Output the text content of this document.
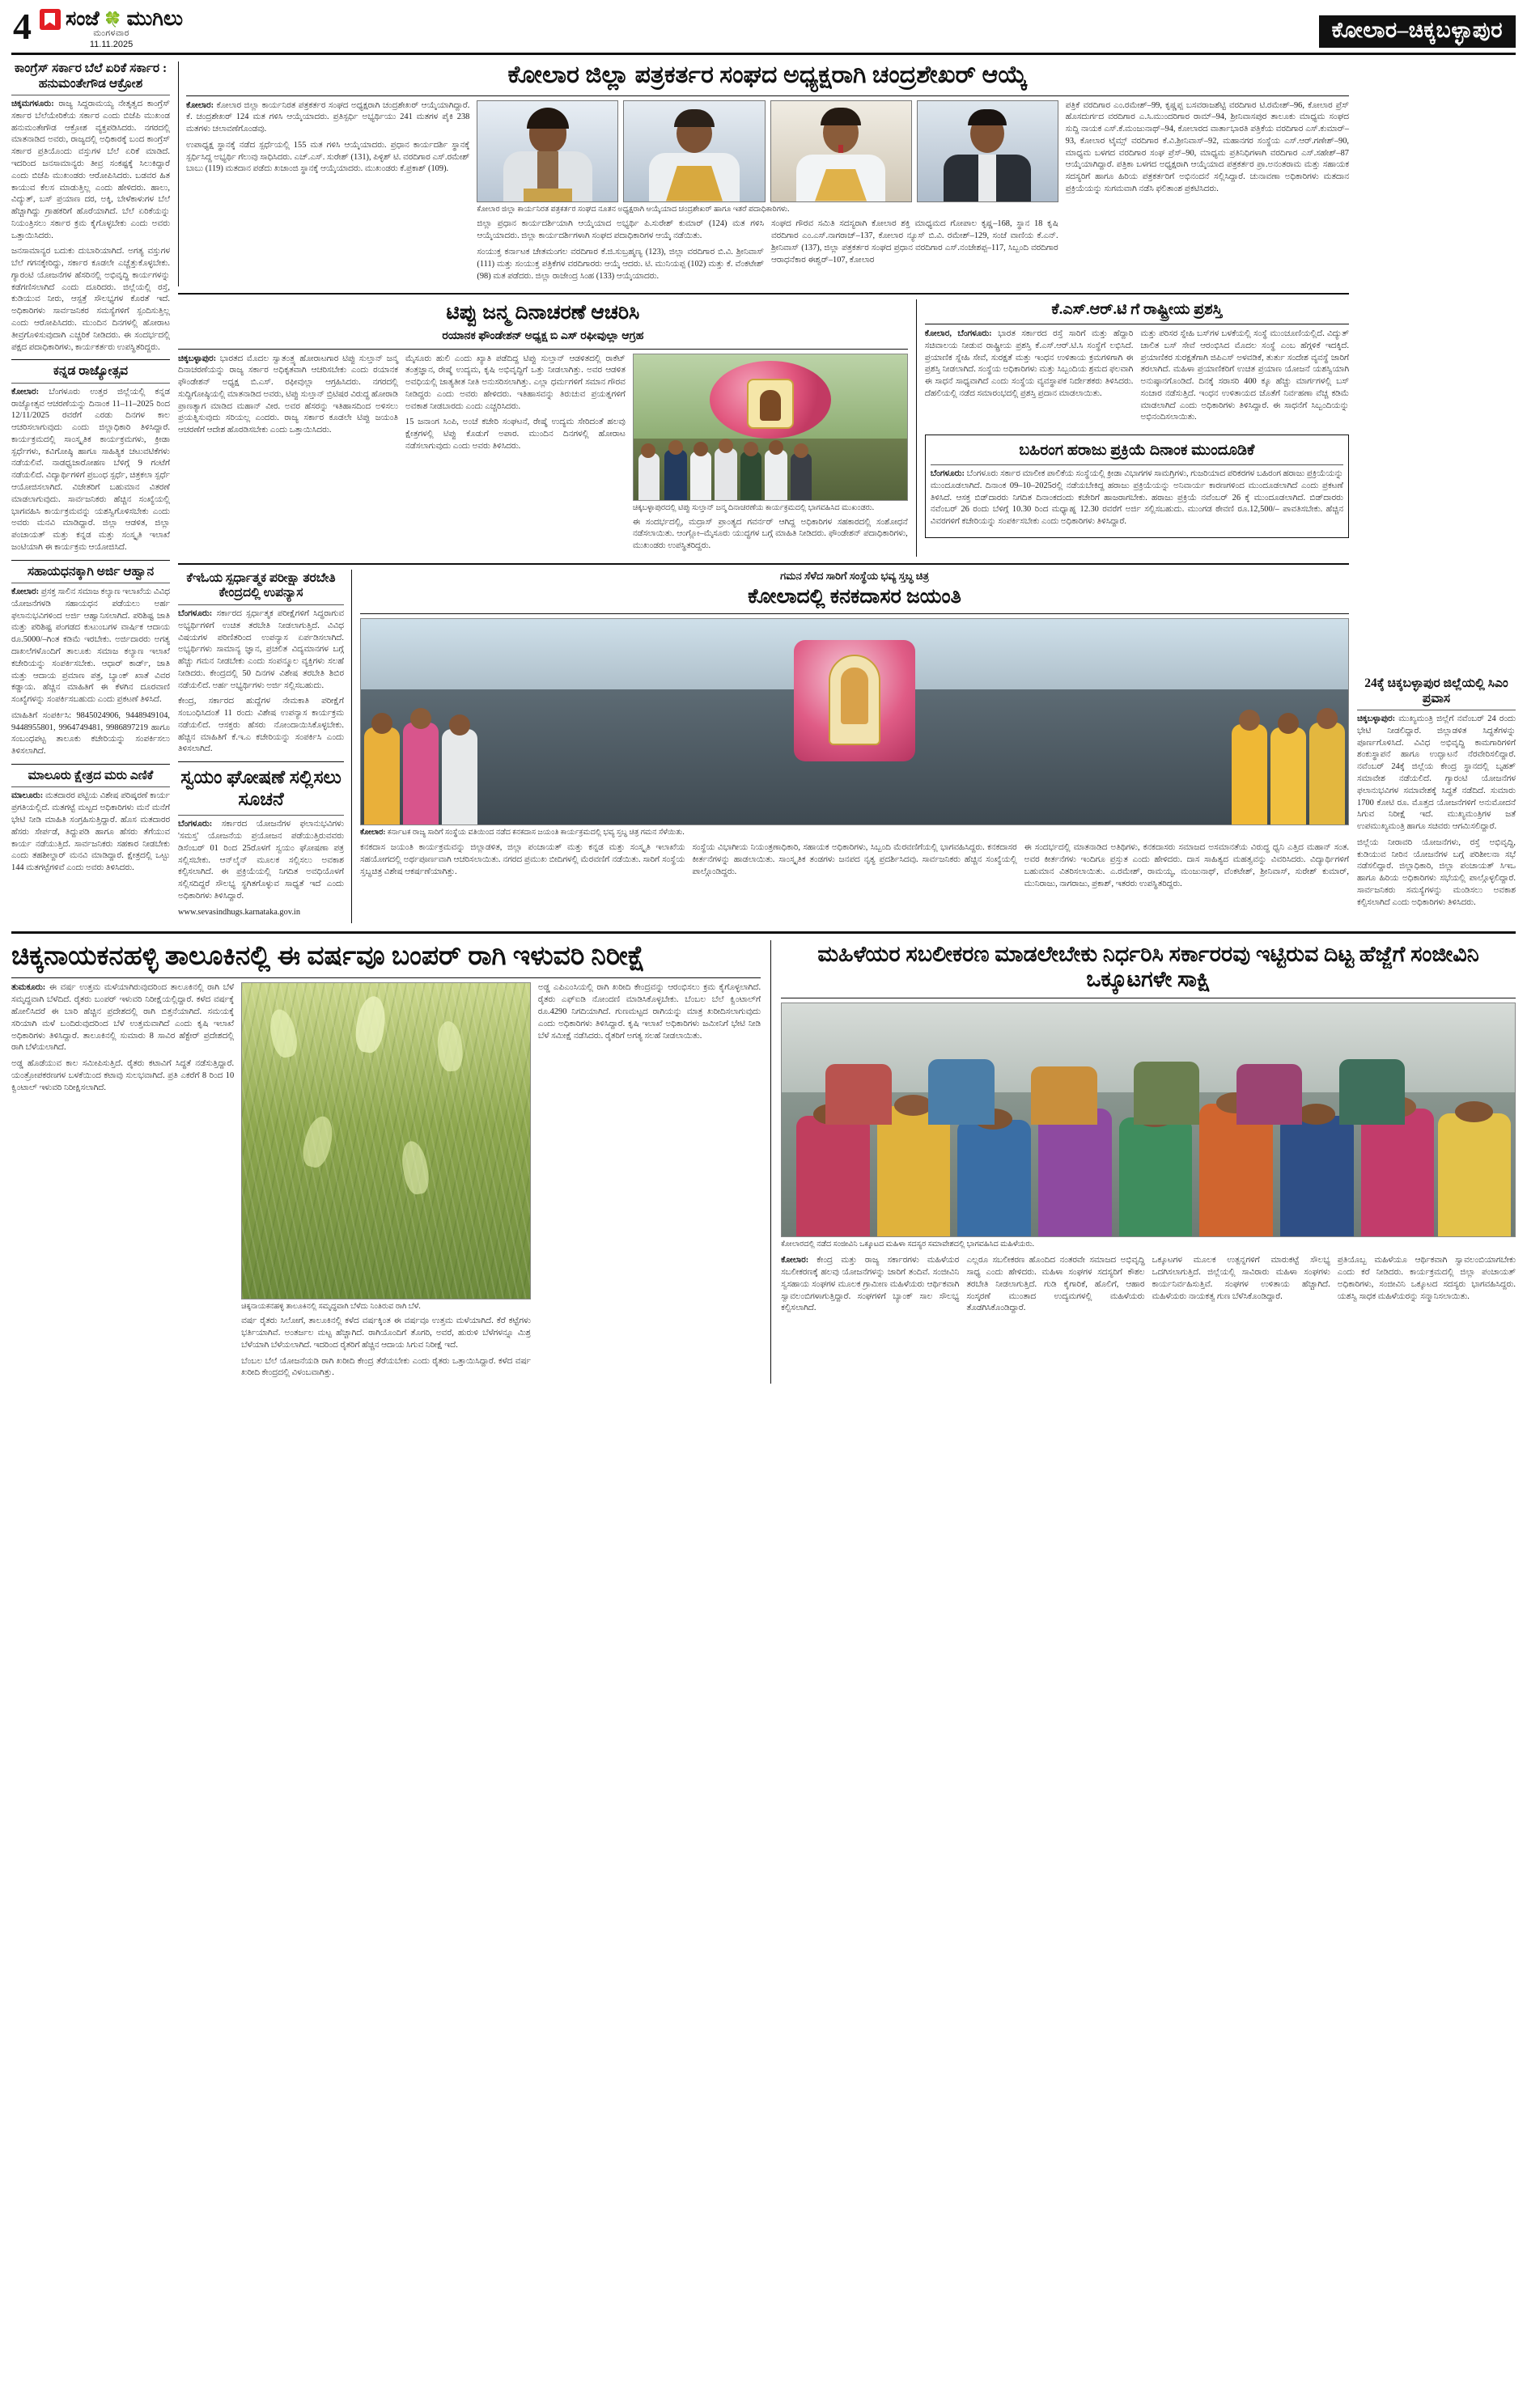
4	ಸಂಜೆ 🍀 ಮುಗಿಲು
ಮಂಗಳವಾರ
11.11.2025
ಕೋಲಾರ–ಚಿಕ್ಕಬಳ್ಳಾಪುರ
ಕಾಂಗ್ರೆಸ್ ಸರ್ಕಾರ ಬೆಲೆ ಏರಿಕೆ ಸರ್ಕಾರ : ಹನುಮಂತೇಗೌಡ ಆಕ್ರೋಶ

ಚಿಕ್ಕಮಗಳೂರು: ರಾಜ್ಯ ಸಿದ್ದರಾಮಯ್ಯ ನೇತೃತ್ವದ ಕಾಂಗ್ರೆಸ್ ಸರ್ಕಾರ ಬೆಲೆಯೇರಿಕೆಯ ಸರ್ಕಾರ ಎಂದು ಬಿಜೆಪಿ ಮುಖಂಡ ಹನುಮಂತೇಗೌಡ ಆಕ್ರೋಶ ವ್ಯಕ್ತಪಡಿಸಿದರು. ನಗರದಲ್ಲಿ ಮಾತನಾಡಿದ ಅವರು, ರಾಜ್ಯದಲ್ಲಿ ಅಧಿಕಾರಕ್ಕೆ ಬಂದ ಕಾಂಗ್ರೆಸ್ ಸರ್ಕಾರ ಪ್ರತಿಯೊಂದು ವಸ್ತುಗಳ ಬೆಲೆ ಏರಿಕೆ ಮಾಡಿದೆ. ಇದರಿಂದ ಜನಸಾಮಾನ್ಯರು ತೀವ್ರ ಸಂಕಷ್ಟಕ್ಕೆ ಸಿಲುಕಿದ್ದಾರೆ ಎಂದು ಬಿಜೆಪಿ ಮುಖಂಡರು ಆರೋಪಿಸಿದರು. ಬಡವರ ಹಿತ ಕಾಯುವ ಕೆಲಸ ಮಾಡುತ್ತಿಲ್ಲ ಎಂದು ಹೇಳಿದರು. ಹಾಲು, ವಿದ್ಯುತ್, ಬಸ್ ಪ್ರಯಾಣ ದರ, ಅಕ್ಕಿ, ಬೇಳೆಕಾಳುಗಳ ಬೆಲೆ ಹೆಚ್ಚಾಗಿದ್ದು ಗ್ರಾಹಕರಿಗೆ ಹೊರೆಯಾಗಿದೆ. ಬೆಲೆ ಏರಿಕೆಯನ್ನು ನಿಯಂತ್ರಿಸಲು ಸರ್ಕಾರ ಕ್ರಮ ಕೈಗೊಳ್ಳಬೇಕು ಎಂದು ಅವರು ಒತ್ತಾಯಿಸಿದರು.

ಜನಸಾಮಾನ್ಯರ ಬದುಕು ದುಬಾರಿಯಾಗಿದೆ. ಅಗತ್ಯ ವಸ್ತುಗಳ ಬೆಲೆ ಗಗನಕ್ಕೇರಿದ್ದು, ಸರ್ಕಾರ ಕೂಡಲೇ ಎಚ್ಚೆತ್ತುಕೊಳ್ಳಬೇಕು. ಗ್ಯಾರಂಟಿ ಯೋಜನೆಗಳ ಹೆಸರಿನಲ್ಲಿ ಅಭಿವೃದ್ಧಿ ಕಾರ್ಯಗಳನ್ನು ಕಡೆಗಣಿಸಲಾಗಿದೆ ಎಂದು ದೂರಿದರು. ಜಿಲ್ಲೆಯಲ್ಲಿ ರಸ್ತೆ, ಕುಡಿಯುವ ನೀರು, ಆಸ್ಪತ್ರೆ ಸೌಲಭ್ಯಗಳ ಕೊರತೆ ಇದೆ. ಅಧಿಕಾರಿಗಳು ಸಾರ್ವಜನಿಕರ ಸಮಸ್ಯೆಗಳಿಗೆ ಸ್ಪಂದಿಸುತ್ತಿಲ್ಲ ಎಂದು ಆರೋಪಿಸಿದರು. ಮುಂದಿನ ದಿನಗಳಲ್ಲಿ ಹೋರಾಟ ತೀವ್ರಗೊಳಿಸುವುದಾಗಿ ಎಚ್ಚರಿಕೆ ನೀಡಿದರು. ಈ ಸಂದರ್ಭದಲ್ಲಿ ಪಕ್ಷದ ಪದಾಧಿಕಾರಿಗಳು, ಕಾರ್ಯಕರ್ತರು ಉಪಸ್ಥಿತರಿದ್ದರು.

ಕನ್ನಡ ರಾಜ್ಯೋತ್ಸವ

ಕೋಲಾರ: ಬೆಂಗಳೂರು ಉತ್ತರ ಜಿಲ್ಲೆಯಲ್ಲಿ ಕನ್ನಡ ರಾಜ್ಯೋತ್ಸವ ಆಚರಣೆಯನ್ನು ದಿನಾಂಕ 11–11–2025 ರಿಂದ 12/11/2025 ರವರೆಗೆ ಎರಡು ದಿನಗಳ ಕಾಲ ಆಚರಿಸಲಾಗುವುದು ಎಂದು ಜಿಲ್ಲಾಧಿಕಾರಿ ತಿಳಿಸಿದ್ದಾರೆ. ಕಾರ್ಯಕ್ರಮದಲ್ಲಿ ಸಾಂಸ್ಕೃತಿಕ ಕಾರ್ಯಕ್ರಮಗಳು, ಕ್ರೀಡಾ ಸ್ಪರ್ಧೆಗಳು, ಕವಿಗೋಷ್ಠಿ ಹಾಗೂ ಸಾಹಿತ್ಯಿಕ ಚಟುವಟಿಕೆಗಳು ನಡೆಯಲಿವೆ. ನಾಡಧ್ವಜಾರೋಹಣ ಬೆಳಿಗ್ಗೆ 9 ಗಂಟೆಗೆ ನಡೆಯಲಿದೆ. ವಿದ್ಯಾರ್ಥಿಗಳಿಗೆ ಪ್ರಬಂಧ ಸ್ಪರ್ಧೆ, ಚಿತ್ರಕಲಾ ಸ್ಪರ್ಧೆ ಆಯೋಜಿಸಲಾಗಿದೆ. ವಿಜೇತರಿಗೆ ಬಹುಮಾನ ವಿತರಣೆ ಮಾಡಲಾಗುವುದು. ಸಾರ್ವಜನಿಕರು ಹೆಚ್ಚಿನ ಸಂಖ್ಯೆಯಲ್ಲಿ ಭಾಗವಹಿಸಿ ಕಾರ್ಯಕ್ರಮವನ್ನು ಯಶಸ್ವಿಗೊಳಿಸಬೇಕು ಎಂದು ಅವರು ಮನವಿ ಮಾಡಿದ್ದಾರೆ. ಜಿಲ್ಲಾ ಆಡಳಿತ, ಜಿಲ್ಲಾ ಪಂಚಾಯತ್ ಮತ್ತು ಕನ್ನಡ ಮತ್ತು ಸಂಸ್ಕೃತಿ ಇಲಾಖೆ ಜಂಟಿಯಾಗಿ ಈ ಕಾರ್ಯಕ್ರಮ ಆಯೋಜಿಸಿದೆ.

ಸಹಾಯಧನಕ್ಕಾಗಿ ಅರ್ಜಿ ಆಹ್ವಾನ

ಕೋಲಾರ: ಪ್ರಸಕ್ತ ಸಾಲಿನ ಸಮಾಜ ಕಲ್ಯಾಣ ಇಲಾಖೆಯ ವಿವಿಧ ಯೋಜನೆಗಳಡಿ ಸಹಾಯಧನ ಪಡೆಯಲು ಅರ್ಹ ಫಲಾನುಭವಿಗಳಿಂದ ಅರ್ಜಿ ಆಹ್ವಾನಿಸಲಾಗಿದೆ. ಪರಿಶಿಷ್ಟ ಜಾತಿ ಮತ್ತು ಪರಿಶಿಷ್ಟ ಪಂಗಡದ ಕುಟುಂಬಗಳ ವಾರ್ಷಿಕ ಆದಾಯ ರೂ.5000/–ಗಿಂತ ಕಡಿಮೆ ಇರಬೇಕು. ಅರ್ಜಿದಾರರು ಅಗತ್ಯ ದಾಖಲೆಗಳೊಂದಿಗೆ ತಾಲೂಕು ಸಮಾಜ ಕಲ್ಯಾಣ ಇಲಾಖೆ ಕಚೇರಿಯನ್ನು ಸಂಪರ್ಕಿಸಬೇಕು. ಆಧಾರ್ ಕಾರ್ಡ್, ಜಾತಿ ಮತ್ತು ಆದಾಯ ಪ್ರಮಾಣ ಪತ್ರ, ಬ್ಯಾಂಕ್ ಖಾತೆ ವಿವರ ಕಡ್ಡಾಯ. ಹೆಚ್ಚಿನ ಮಾಹಿತಿಗೆ ಈ ಕೆಳಗಿನ ದೂರವಾಣಿ ಸಂಖ್ಯೆಗಳನ್ನು ಸಂಪರ್ಕಿಸಬಹುದು ಎಂದು ಪ್ರಕಟಣೆ ತಿಳಿಸಿದೆ.

ಮಾಹಿತಿಗೆ ಸಂಪರ್ಕಿಸಿ: 9845024906, 9448949104, 9448955801, 9964749481, 9986897219 ಹಾಗೂ ಸಂಬಂಧಪಟ್ಟ ತಾಲೂಕು ಕಚೇರಿಯನ್ನು ಸಂಪರ್ಕಿಸಲು ತಿಳಿಸಲಾಗಿದೆ.

ಮಾಲೂರು ಕ್ಷೇತ್ರದ ಮರು ಎಣಿಕೆ

ಮಾಲೂರು: ಮತದಾರರ ಪಟ್ಟಿಯ ವಿಶೇಷ ಪರಿಷ್ಕರಣೆ ಕಾರ್ಯ ಪ್ರಗತಿಯಲ್ಲಿದೆ. ಮತಗಟ್ಟೆ ಮಟ್ಟದ ಅಧಿಕಾರಿಗಳು ಮನೆ ಮನೆಗೆ ಭೇಟಿ ನೀಡಿ ಮಾಹಿತಿ ಸಂಗ್ರಹಿಸುತ್ತಿದ್ದಾರೆ. ಹೊಸ ಮತದಾರರ ಹೆಸರು ಸೇರ್ಪಡೆ, ತಿದ್ದುಪಡಿ ಹಾಗೂ ಹೆಸರು ತೆಗೆಯುವ ಕಾರ್ಯ ನಡೆಯುತ್ತಿದೆ. ಸಾರ್ವಜನಿಕರು ಸಹಕಾರ ನೀಡಬೇಕು ಎಂದು ತಹಶೀಲ್ದಾರ್ ಮನವಿ ಮಾಡಿದ್ದಾರೆ. ಕ್ಷೇತ್ರದಲ್ಲಿ ಒಟ್ಟು 144 ಮತಗಟ್ಟೆಗಳಿವೆ ಎಂದು ಅವರು ತಿಳಿಸಿದರು.

ಕೋಲಾರ ಜಿಲ್ಲಾ ಪತ್ರಕರ್ತರ ಸಂಘದ ಅಧ್ಯಕ್ಷರಾಗಿ ಚಂದ್ರಶೇಖರ್ ಆಯ್ಕೆ

ಕೋಲಾರ: ಕೋಲಾರ ಜಿಲ್ಲಾ ಕಾರ್ಯನಿರತ ಪತ್ರಕರ್ತರ ಸಂಘದ ಅಧ್ಯಕ್ಷರಾಗಿ ಚಂದ್ರಶೇಖರ್ ಆಯ್ಕೆಯಾಗಿದ್ದಾರೆ. ಕೆ. ಚಂದ್ರಶೇಖರ್ 124 ಮತ ಗಳಿಸಿ ಆಯ್ಕೆಯಾದರು. ಪ್ರತಿಸ್ಪರ್ಧಿ ಅಭ್ಯರ್ಥಿಯು 241 ಮತಗಳ ಪೈಕಿ 238 ಮತಗಳು ಚಲಾವಣೆಗೊಂಡವು.

ಉಪಾಧ್ಯಕ್ಷ ಸ್ಥಾನಕ್ಕೆ ನಡೆದ ಸ್ಪರ್ಧೆಯಲ್ಲಿ 155 ಮತ ಗಳಿಸಿ ಆಯ್ಕೆಯಾದರು. ಪ್ರಧಾನ ಕಾರ್ಯದರ್ಶಿ ಸ್ಥಾನಕ್ಕೆ ಸ್ಪರ್ಧಿಸಿದ್ದ ಅಭ್ಯರ್ಥಿ ಗೆಲುವು ಸಾಧಿಸಿದರು. ಎಚ್.ಎಸ್. ಸುರೇಶ್ (131), ಪಿಳ್ಳಿಶ್ ಟಿ. ವರದಿಗಾರ ಎಸ್.ರಮೇಶ್ ಬಾಬು (119) ಮತದಾನ ಪಡೆದು ಖಜಾಂಜಿ ಸ್ಥಾನಕ್ಕೆ ಆಯ್ಕೆಯಾದರು. ಮುಖಂಡರು ಕೆ.ಪ್ರಕಾಶ್ (109).

ಕೋಲಾರ ಜಿಲ್ಲಾ ಕಾರ್ಯನಿರತ ಪತ್ರಕರ್ತರ ಸಂಘದ ನೂತನ ಅಧ್ಯಕ್ಷರಾಗಿ ಆಯ್ಕೆಯಾದ ಚಂದ್ರಶೇಖರ್ ಹಾಗೂ ಇತರೆ ಪದಾಧಿಕಾರಿಗಳು.

ಜಿಲ್ಲಾ ಪ್ರಧಾನ ಕಾರ್ಯದರ್ಶಿಯಾಗಿ ಆಯ್ಕೆಯಾದ ಅಭ್ಯರ್ಥಿ ಪಿ.ಸುರೇಶ್ ಕುಮಾರ್ (124) ಮತ ಗಳಿಸಿ ಆಯ್ಕೆಯಾದರು. ಜಿಲ್ಲಾ ಕಾರ್ಯದರ್ಶಿಗಳಾಗಿ ಸಂಘದ ಪದಾಧಿಕಾರಿಗಳ ಆಯ್ಕೆ ನಡೆಯಿತು.

ಸಂಯುಕ್ತ ಕರ್ನಾಟಕ ಚೇತಮಂಗಲ ವರದಿಗಾರ ಕೆ.ಜಿ.ಸುಬ್ರಹ್ಮಣ್ಯ (123), ಜಿಲ್ಲಾ ವರದಿಗಾರ ಬಿ.ವಿ. ಶ್ರೀನಿವಾಸ್ (111) ಮತ್ತು ಸಂಯುಕ್ತ ಪತ್ರಿಕೆಗಳ ವರದಿಗಾರರು ಆಯ್ಕೆ ಆದರು. ಟಿ. ಮುನಿಯಪ್ಪ (102) ಮತ್ತು ಕೆ. ವೆಂಕಟೇಶ್ (98) ಮತ ಪಡೆದರು. ಜಿಲ್ಲಾ ರಾಜೇಂದ್ರ ಸಿಂಹ (133) ಆಯ್ಕೆಯಾದರು.

ಸಂಘದ ಗೌರವ ಸಮಿತಿ ಸದಸ್ಯರಾಗಿ ಕೋಲಾರ ಶಕ್ತಿ ಮಾಧ್ಯಮದ ಗೋಪಾಲ ಕೃಷ್ಣ–168, ಸ್ಥಾನ 18 ಕೃಷಿ ವರದಿಗಾರ ಎಂ.ಎಸ್.ನಾಗರಾಜ್–137, ಕೋಲಾರ ನ್ಯೂಸ್ ಬಿ.ವಿ. ರಮೇಶ್–129, ಸಂಜೆ ವಾಣಿಯ ಕೆ.ಎನ್. ಶ್ರೀನಿವಾಸ್ (137), ಜಿಲ್ಲಾ ಪತ್ರಕರ್ತರ ಸಂಘದ ಪ್ರಧಾನ ವರದಿಗಾರ ಎಸ್.ನಂಜೇಶಪ್ಪ–117, ಸಿಬ್ಬಂದಿ ವರದಿಗಾರ ಆರಾಧನೆಕಾರ ಈಶ್ವರ್–107, ಕೋಲಾರ

ಪತ್ರಿಕೆ ವರದಿಗಾರ ಎಂ.ರಮೇಶ್–99, ಕೃಷ್ಣಪ್ಪ ಬಸವರಾಜಶೆಟ್ಟಿ ವರದಿಗಾರ ಟಿ.ರಮೇಶ್–96, ಕೋಲಾರ ಪ್ರೆಸ್ ಹೊಸದುರ್ಗದ ವರದಿಗಾರ ಎ.ಸಿ.ಮುಂದರಿಗಾರ ರಾಮ್–94, ಶ್ರೀನಿವಾಸಪುರ ತಾಲೂಕು ಮಾಧ್ಯಮ ಸಂಘದ ಸುದ್ದಿ ನಾಯಕ ಎಸ್.ಕೆ.ಮಂಜುನಾಥ್–94, ಕೋಲಾರದ ವಾರ್ತಾಭಾರತಿ ಪತ್ರಿಕೆಯ ವರದಿಗಾರ ಎಸ್.ಕುಮಾರ್–93, ಕೋಲಾರ ಟೈಮ್ಸ್ ವರದಿಗಾರ ಕೆ.ವಿ.ಶ್ರೀನಿವಾಸ್–92, ಮಹಾನಗರ ಸಂಸ್ಥೆಯ ಎಸ್.ಆರ್.ಗಣೇಶ್–90, ಮಾಧ್ಯಮ ಬಳಗದ ವರದಿಗಾರ ಸಂಘ ಪ್ರೆಸ್–90, ಮಾಧ್ಯಮ ಪ್ರತಿನಿಧಿಗಳಾಗಿ ವರದಿಗಾರ ಎಸ್.ಸಹೇಶ್–87 ಆಯ್ಕೆಯಾಗಿದ್ದಾರೆ. ಪತ್ರಿಕಾ ಬಳಗದ ಅಧ್ಯಕ್ಷರಾಗಿ ಆಯ್ಕೆಯಾದ ಪತ್ರಕರ್ತರ ಪ್ರಾ.ಅನಂತರಾಮ ಮತ್ತು ಸಹಾಯಕ ಸದಸ್ಯರಿಗೆ ಹಾಗೂ ಹಿರಿಯ ಪತ್ರಕರ್ತರಿಗೆ ಅಭಿನಂದನೆ ಸಲ್ಲಿಸಿದ್ದಾರೆ. ಚುನಾವಣಾ ಅಧಿಕಾರಿಗಳು ಮತದಾನ ಪ್ರಕ್ರಿಯೆಯನ್ನು ಸುಗಮವಾಗಿ ನಡೆಸಿ ಫಲಿತಾಂಶ ಪ್ರಕಟಿಸಿದರು.

ಟಿಪ್ಪು ಜನ್ಮ ದಿನಾಚರಣೆ ಆಚರಿಸಿ
ರಯಾನಕ ಫೌಂಡೇಶನ್ ಅಧ್ಯಕ್ಷ ಬಿ ಎಸ್ ರಫೀವುಲ್ಲಾ ಆಗ್ರಹ

ಚಿಕ್ಕಬಳ್ಳಾಪುರ: ಭಾರತದ ಮೊದಲ ಸ್ವಾತಂತ್ರ್ಯ ಹೋರಾಟಗಾರ ಟಿಪ್ಪು ಸುಲ್ತಾನ್ ಜನ್ಮ ದಿನಾಚರಣೆಯನ್ನು ರಾಜ್ಯ ಸರ್ಕಾರ ಅಧಿಕೃತವಾಗಿ ಆಚರಿಸಬೇಕು ಎಂದು ರಯಾನಕ ಫೌಂಡೇಶನ್ ಅಧ್ಯಕ್ಷ ಬಿ.ಎಸ್. ರಫೀವುಲ್ಲಾ ಆಗ್ರಹಿಸಿದರು. ನಗರದಲ್ಲಿ ಸುದ್ದಿಗೋಷ್ಠಿಯಲ್ಲಿ ಮಾತನಾಡಿದ ಅವರು, ಟಿಪ್ಪು ಸುಲ್ತಾನ್ ಬ್ರಿಟಿಷರ ವಿರುದ್ಧ ಹೋರಾಡಿ ಪ್ರಾಣತ್ಯಾಗ ಮಾಡಿದ ಮಹಾನ್ ವೀರ. ಅವರ ಹೆಸರನ್ನು ಇತಿಹಾಸದಿಂದ ಅಳಿಸಲು ಪ್ರಯತ್ನಿಸುವುದು ಸರಿಯಲ್ಲ ಎಂದರು. ರಾಜ್ಯ ಸರ್ಕಾರ ಕೂಡಲೇ ಟಿಪ್ಪು ಜಯಂತಿ ಆಚರಣೆಗೆ ಆದೇಶ ಹೊರಡಿಸಬೇಕು ಎಂದು ಒತ್ತಾಯಿಸಿದರು.

ಮೈಸೂರು ಹುಲಿ ಎಂದು ಖ್ಯಾತಿ ಪಡೆದಿದ್ದ ಟಿಪ್ಪು ಸುಲ್ತಾನ್ ಆಡಳಿತದಲ್ಲಿ ರಾಕೆಟ್ ತಂತ್ರಜ್ಞಾನ, ರೇಷ್ಮೆ ಉದ್ಯಮ, ಕೃಷಿ ಅಭಿವೃದ್ಧಿಗೆ ಒತ್ತು ನೀಡಲಾಗಿತ್ತು. ಅವರ ಆಡಳಿತ ಅವಧಿಯಲ್ಲಿ ಜಾತ್ಯತೀತ ನೀತಿ ಅನುಸರಿಸಲಾಗಿತ್ತು. ಎಲ್ಲಾ ಧರ್ಮಗಳಿಗೆ ಸಮಾನ ಗೌರವ ನೀಡಿದ್ದರು ಎಂದು ಅವರು ಹೇಳಿದರು. ಇತಿಹಾಸವನ್ನು ತಿರುಚುವ ಪ್ರಯತ್ನಗಳಿಗೆ ಅವಕಾಶ ನೀಡಬಾರದು ಎಂದು ಎಚ್ಚರಿಸಿದರು.

15 ಜನಾಂಗ ಸಿಂಪಿ, ಅಂಚೆ ಕಚೇರಿ ಸಂಘಟನೆ, ರೇಷ್ಮೆ ಉದ್ಯಮ ಸೇರಿದಂತೆ ಹಲವು ಕ್ಷೇತ್ರಗಳಲ್ಲಿ ಟಿಪ್ಪು ಕೊಡುಗೆ ಅಪಾರ. ಮುಂದಿನ ದಿನಗಳಲ್ಲಿ ಹೋರಾಟ ನಡೆಸಲಾಗುವುದು ಎಂದು ಅವರು ತಿಳಿಸಿದರು.

ಚಿಕ್ಕಬಳ್ಳಾಪುರದಲ್ಲಿ ಟಿಪ್ಪು ಸುಲ್ತಾನ್ ಜನ್ಮ ದಿನಾಚರಣೆಯ ಕಾರ್ಯಕ್ರಮದಲ್ಲಿ ಭಾಗವಹಿಸಿದ ಮುಖಂಡರು.

ಈ ಸಂದರ್ಭದಲ್ಲಿ, ಮದ್ರಾಸ್ ಪ್ರಾಂತ್ಯದ ಗವರ್ನರ್ ಆಗಿದ್ದ ಅಧಿಕಾರಿಗಳ ಸಹಕಾರದಲ್ಲಿ ಸಂಶೋಧನೆ ನಡೆಸಲಾಯಿತು. ಆಂಗ್ಲೋ–ಮೈಸೂರು ಯುದ್ಧಗಳ ಬಗ್ಗೆ ಮಾಹಿತಿ ನೀಡಿದರು. ಫೌಂಡೇಶನ್ ಪದಾಧಿಕಾರಿಗಳು, ಮುಖಂಡರು ಉಪಸ್ಥಿತರಿದ್ದರು.

ಕೆ.ಎಸ್.ಆರ್.ಟಿ ಗೆ ರಾಷ್ಟ್ರೀಯ ಪ್ರಶಸ್ತಿ

ಕೋಲಾರ, ಬೆಂಗಳೂರು: ಭಾರತ ಸರ್ಕಾರದ ರಸ್ತೆ ಸಾರಿಗೆ ಮತ್ತು ಹೆದ್ದಾರಿ ಸಚಿವಾಲಯ ನೀಡುವ ರಾಷ್ಟ್ರೀಯ ಪ್ರಶಸ್ತಿ ಕೆ.ಎಸ್.ಆರ್.ಟಿ.ಸಿ ಸಂಸ್ಥೆಗೆ ಲಭಿಸಿದೆ. ಪ್ರಯಾಣಿಕ ಸ್ನೇಹಿ ಸೇವೆ, ಸುರಕ್ಷತೆ ಮತ್ತು ಇಂಧನ ಉಳಿತಾಯ ಕ್ರಮಗಳಿಗಾಗಿ ಈ ಪ್ರಶಸ್ತಿ ನೀಡಲಾಗಿದೆ. ಸಂಸ್ಥೆಯ ಅಧಿಕಾರಿಗಳು ಮತ್ತು ಸಿಬ್ಬಂದಿಯ ಶ್ರಮದ ಫಲವಾಗಿ ಈ ಸಾಧನೆ ಸಾಧ್ಯವಾಗಿದೆ ಎಂದು ಸಂಸ್ಥೆಯ ವ್ಯವಸ್ಥಾಪಕ ನಿರ್ದೇಶಕರು ತಿಳಿಸಿದರು. ದೆಹಲಿಯಲ್ಲಿ ನಡೆದ ಸಮಾರಂಭದಲ್ಲಿ ಪ್ರಶಸ್ತಿ ಪ್ರದಾನ ಮಾಡಲಾಯಿತು.

ಮತ್ತು ಪರಿಸರ ಸ್ನೇಹಿ ಬಸ್‌ಗಳ ಬಳಕೆಯಲ್ಲಿ ಸಂಸ್ಥೆ ಮುಂಚೂಣಿಯಲ್ಲಿದೆ. ವಿದ್ಯುತ್ ಚಾಲಿತ ಬಸ್ ಸೇವೆ ಆರಂಭಿಸಿದ ಮೊದಲ ಸಂಸ್ಥೆ ಎಂಬ ಹೆಗ್ಗಳಿಕೆ ಇದಕ್ಕಿದೆ. ಪ್ರಯಾಣಿಕರ ಸುರಕ್ಷತೆಗಾಗಿ ಜಿಪಿಎಸ್ ಅಳವಡಿಕೆ, ತುರ್ತು ಸಂದೇಶ ವ್ಯವಸ್ಥೆ ಜಾರಿಗೆ ತರಲಾಗಿದೆ. ಮಹಿಳಾ ಪ್ರಯಾಣಿಕರಿಗೆ ಉಚಿತ ಪ್ರಯಾಣ ಯೋಜನೆ ಯಶಸ್ವಿಯಾಗಿ ಅನುಷ್ಠಾನಗೊಂಡಿದೆ. ದಿನಕ್ಕೆ ಸರಾಸರಿ 400 ಕ್ಕೂ ಹೆಚ್ಚು ಮಾರ್ಗಗಳಲ್ಲಿ ಬಸ್ ಸಂಚಾರ ನಡೆಸುತ್ತಿದೆ. ಇಂಧನ ಉಳಿತಾಯದ ಜೊತೆಗೆ ನಿರ್ವಹಣಾ ವೆಚ್ಚ ಕಡಿಮೆ ಮಾಡಲಾಗಿದೆ ಎಂದು ಅಧಿಕಾರಿಗಳು ತಿಳಿಸಿದ್ದಾರೆ. ಈ ಸಾಧನೆಗೆ ಸಿಬ್ಬಂದಿಯನ್ನು ಅಭಿನಂದಿಸಲಾಯಿತು.

ಬಹಿರಂಗ ಹರಾಜು ಪ್ರಕ್ರಿಯೆ ದಿನಾಂಕ ಮುಂದೂಡಿಕೆ

ಬೆಂಗಳೂರು: ಬೆಂಗಳೂರು ಸರ್ಕಾರ ಮಾಲೀಕ ಪಾಲಿಕೆಯ ಸಂಸ್ಥೆಯಲ್ಲಿ ಕ್ರೀಡಾ ವಿಭಾಗಗಳ ಸಾಮಗ್ರಿಗಳು, ಗುಜರಿಯಾದ ಪರಿಕರಗಳ ಬಹಿರಂಗ ಹರಾಜು ಪ್ರಕ್ರಿಯೆಯನ್ನು ಮುಂದೂಡಲಾಗಿದೆ. ದಿನಾಂಕ 09–10–2025ರಲ್ಲಿ ನಡೆಯಬೇಕಿದ್ದ ಹರಾಜು ಪ್ರಕ್ರಿಯೆಯನ್ನು ಅನಿವಾರ್ಯ ಕಾರಣಗಳಿಂದ ಮುಂದೂಡಲಾಗಿದೆ ಎಂದು ಪ್ರಕಟಣೆ ತಿಳಿಸಿದೆ. ಆಸಕ್ತ ಬಿಡ್‌ದಾರರು ನಿಗದಿತ ದಿನಾಂಕದಂದು ಕಚೇರಿಗೆ ಹಾಜರಾಗಬೇಕು. ಹರಾಜು ಪ್ರಕ್ರಿಯೆ ನವೆಂಬರ್ 26 ಕ್ಕೆ ಮುಂದೂಡಲಾಗಿದೆ. ಬಿಡ್‌ದಾರರು ನವೆಂಬರ್ 26 ರಂದು ಬೆಳಿಗ್ಗೆ 10.30 ರಿಂದ ಮಧ್ಯಾಹ್ನ 12.30 ರವರೆಗೆ ಅರ್ಜಿ ಸಲ್ಲಿಸಬಹುದು. ಮುಂಗಡ ಠೇವಣಿ ರೂ.12,500/– ಪಾವತಿಸಬೇಕು. ಹೆಚ್ಚಿನ ವಿವರಗಳಿಗೆ ಕಚೇರಿಯನ್ನು ಸಂಪರ್ಕಿಸಬೇಕು ಎಂದು ಅಧಿಕಾರಿಗಳು ತಿಳಿಸಿದ್ದಾರೆ.

ಕೆಇಓಯ ಸ್ಪರ್ಧಾತ್ಮಕ ಪರೀಕ್ಷಾ ತರಬೇತಿ ಕೇಂದ್ರದಲ್ಲಿ ಉಪನ್ಯಾಸ

ಬೆಂಗಳೂರು: ಸರ್ಕಾರದ ಸ್ಪರ್ಧಾತ್ಮಕ ಪರೀಕ್ಷೆಗಳಿಗೆ ಸಿದ್ಧರಾಗುವ ಅಭ್ಯರ್ಥಿಗಳಿಗೆ ಉಚಿತ ತರಬೇತಿ ನೀಡಲಾಗುತ್ತಿದೆ. ವಿವಿಧ ವಿಷಯಗಳ ಪರಿಣಿತರಿಂದ ಉಪನ್ಯಾಸ ಏರ್ಪಡಿಸಲಾಗಿದೆ. ಅಭ್ಯರ್ಥಿಗಳು ಸಾಮಾನ್ಯ ಜ್ಞಾನ, ಪ್ರಚಲಿತ ವಿದ್ಯಮಾನಗಳ ಬಗ್ಗೆ ಹೆಚ್ಚು ಗಮನ ನೀಡಬೇಕು ಎಂದು ಸಂಪನ್ಮೂಲ ವ್ಯಕ್ತಿಗಳು ಸಲಹೆ ನೀಡಿದರು. ಕೇಂದ್ರದಲ್ಲಿ 50 ದಿನಗಳ ವಿಶೇಷ ತರಬೇತಿ ಶಿಬಿರ ನಡೆಯಲಿದೆ. ಅರ್ಹ ಅಭ್ಯರ್ಥಿಗಳು ಅರ್ಜಿ ಸಲ್ಲಿಸಬಹುದು.

ಕೇಂದ್ರ, ಸರ್ಕಾರದ ಹುದ್ದೆಗಳ ನೇಮಕಾತಿ ಪರೀಕ್ಷೆಗೆ ಸಂಬಂಧಿಸಿದಂತೆ 11 ರಂದು ವಿಶೇಷ ಉಪನ್ಯಾಸ ಕಾರ್ಯಕ್ರಮ ನಡೆಯಲಿದೆ. ಆಸಕ್ತರು ಹೆಸರು ನೋಂದಾಯಿಸಿಕೊಳ್ಳಬೇಕು. ಹೆಚ್ಚಿನ ಮಾಹಿತಿಗೆ ಕೆ.ಇ.ಎ ಕಚೇರಿಯನ್ನು ಸಂಪರ್ಕಿಸಿ ಎಂದು ತಿಳಿಸಲಾಗಿದೆ.

ಸ್ವಯಂ ಘೋಷಣೆ ಸಲ್ಲಿಸಲು ಸೂಚನೆ

ಬೆಂಗಳೂರು: ಸರ್ಕಾರದ ಯೋಜನೆಗಳ ಫಲಾನುಭವಿಗಳು 'ಸಮಸ್ತ' ಯೋಜನೆಯ ಪ್ರಯೋಜನ ಪಡೆಯುತ್ತಿರುವವರು ಡಿಸೆಂಬರ್ 01 ರಿಂದ 25ರೊಳಗೆ ಸ್ವಯಂ ಘೋಷಣಾ ಪತ್ರ ಸಲ್ಲಿಸಬೇಕು. ಆನ್‌ಲೈನ್ ಮೂಲಕ ಸಲ್ಲಿಸಲು ಅವಕಾಶ ಕಲ್ಪಿಸಲಾಗಿದೆ. ಈ ಪ್ರಕ್ರಿಯೆಯಲ್ಲಿ ನಿಗದಿತ ಅವಧಿಯೊಳಗೆ ಸಲ್ಲಿಸದಿದ್ದರೆ ಸೌಲಭ್ಯ ಸ್ಥಗಿತಗೊಳ್ಳುವ ಸಾಧ್ಯತೆ ಇದೆ ಎಂದು ಅಧಿಕಾರಿಗಳು ತಿಳಿಸಿದ್ದಾರೆ.

www.sevasindhugs.karnataka.gov.in

ಗಮನ ಸೆಳೆದ ಸಾರಿಗೆ ಸಂಸ್ಥೆಯ ಭವ್ಯ ಸ್ತಬ್ಧ ಚಿತ್ರ
ಕೋಲಾದಲ್ಲಿ ಕನಕದಾಸರ ಜಯಂತಿ
ಕೋಲಾರ: ಕರ್ನಾಟಕ ರಾಜ್ಯ ಸಾರಿಗೆ ಸಂಸ್ಥೆಯ ವತಿಯಿಂದ ನಡೆದ ಕನಕದಾಸ ಜಯಂತಿ ಕಾರ್ಯಕ್ರಮದಲ್ಲಿ ಭವ್ಯ ಸ್ತಬ್ಧ ಚಿತ್ರ ಗಮನ ಸೆಳೆಯಿತು.

ಕನಕದಾಸ ಜಯಂತಿ ಕಾರ್ಯಕ್ರಮವನ್ನು ಜಿಲ್ಲಾಡಳಿತ, ಜಿಲ್ಲಾ ಪಂಚಾಯತ್ ಮತ್ತು ಕನ್ನಡ ಮತ್ತು ಸಂಸ್ಕೃತಿ ಇಲಾಖೆಯ ಸಹಯೋಗದಲ್ಲಿ ಅರ್ಥಪೂರ್ಣವಾಗಿ ಆಚರಿಸಲಾಯಿತು. ನಗರದ ಪ್ರಮುಖ ಬೀದಿಗಳಲ್ಲಿ ಮೆರವಣಿಗೆ ನಡೆಯಿತು. ಸಾರಿಗೆ ಸಂಸ್ಥೆಯ ಸ್ತಬ್ಧಚಿತ್ರ ವಿಶೇಷ ಆಕರ್ಷಣೆಯಾಗಿತ್ತು.

ಸಂಸ್ಥೆಯ ವಿಭಾಗೀಯ ನಿಯಂತ್ರಣಾಧಿಕಾರಿ, ಸಹಾಯಕ ಅಧಿಕಾರಿಗಳು, ಸಿಬ್ಬಂದಿ ಮೆರವಣಿಗೆಯಲ್ಲಿ ಭಾಗವಹಿಸಿದ್ದರು. ಕನಕದಾಸರ ಕೀರ್ತನೆಗಳನ್ನು ಹಾಡಲಾಯಿತು. ಸಾಂಸ್ಕೃತಿಕ ತಂಡಗಳು ಜನಪದ ನೃತ್ಯ ಪ್ರದರ್ಶಿಸಿದವು. ಸಾರ್ವಜನಿಕರು ಹೆಚ್ಚಿನ ಸಂಖ್ಯೆಯಲ್ಲಿ ಪಾಲ್ಗೊಂಡಿದ್ದರು.

ಈ ಸಂದರ್ಭದಲ್ಲಿ ಮಾತನಾಡಿದ ಅತಿಥಿಗಳು, ಕನಕದಾಸರು ಸಮಾಜದ ಅಸಮಾನತೆಯ ವಿರುದ್ಧ ಧ್ವನಿ ಎತ್ತಿದ ಮಹಾನ್ ಸಂತ. ಅವರ ಕೀರ್ತನೆಗಳು ಇಂದಿಗೂ ಪ್ರಸ್ತುತ ಎಂದು ಹೇಳಿದರು. ದಾಸ ಸಾಹಿತ್ಯದ ಮಹತ್ವವನ್ನು ವಿವರಿಸಿದರು. ವಿದ್ಯಾರ್ಥಿಗಳಿಗೆ ಬಹುಮಾನ ವಿತರಿಸಲಾಯಿತು. ಎ.ರಮೇಶ್, ರಾಮಯ್ಯ, ಮಂಜುನಾಥ್, ವೆಂಕಟೇಶ್, ಶ್ರೀನಿವಾಸ್, ಸುರೇಶ್ ಕುಮಾರ್, ಮುನಿರಾಜು, ನಾಗರಾಜು, ಪ್ರಕಾಶ್, ಇತರರು ಉಪಸ್ಥಿತರಿದ್ದರು.

24ಕ್ಕೆ ಚಿಕ್ಕಬಳ್ಳಾಪುರ ಜಿಲ್ಲೆಯಲ್ಲಿ ಸಿಎಂ ಪ್ರವಾಸ

ಚಿಕ್ಕಬಳ್ಳಾಪುರ: ಮುಖ್ಯಮಂತ್ರಿ ಜಿಲ್ಲೆಗೆ ನವೆಂಬರ್ 24 ರಂದು ಭೇಟಿ ನೀಡಲಿದ್ದಾರೆ. ಜಿಲ್ಲಾಡಳಿತ ಸಿದ್ಧತೆಗಳನ್ನು ಪೂರ್ಣಗೊಳಿಸಿದೆ. ವಿವಿಧ ಅಭಿವೃದ್ಧಿ ಕಾಮಗಾರಿಗಳಿಗೆ ಶಂಕುಸ್ಥಾಪನೆ ಹಾಗೂ ಉದ್ಘಾಟನೆ ನೆರವೇರಿಸಲಿದ್ದಾರೆ. ನವೆಂಬರ್ 24ಕ್ಕೆ ಜಿಲ್ಲೆಯ ಕೇಂದ್ರ ಸ್ಥಾನದಲ್ಲಿ ಬೃಹತ್ ಸಮಾವೇಶ ನಡೆಯಲಿದೆ. ಗ್ಯಾರಂಟಿ ಯೋಜನೆಗಳ ಫಲಾನುಭವಿಗಳ ಸಮಾವೇಶಕ್ಕೆ ಸಿದ್ಧತೆ ನಡೆದಿದೆ. ಸುಮಾರು 1700 ಕೋಟಿ ರೂ. ಮೊತ್ತದ ಯೋಜನೆಗಳಿಗೆ ಅನುಮೋದನೆ ಸಿಗುವ ನಿರೀಕ್ಷೆ ಇದೆ. ಮುಖ್ಯಮಂತ್ರಿಗಳ ಜತೆ ಉಪಮುಖ್ಯಮಂತ್ರಿ ಹಾಗೂ ಸಚಿವರು ಆಗಮಿಸಲಿದ್ದಾರೆ.

ಜಿಲ್ಲೆಯ ನೀರಾವರಿ ಯೋಜನೆಗಳು, ರಸ್ತೆ ಅಭಿವೃದ್ಧಿ, ಕುಡಿಯುವ ನೀರಿನ ಯೋಜನೆಗಳ ಬಗ್ಗೆ ಪರಿಶೀಲನಾ ಸಭೆ ನಡೆಸಲಿದ್ದಾರೆ. ಜಿಲ್ಲಾಧಿಕಾರಿ, ಜಿಲ್ಲಾ ಪಂಚಾಯತ್ ಸಿಇಒ ಹಾಗೂ ಹಿರಿಯ ಅಧಿಕಾರಿಗಳು ಸಭೆಯಲ್ಲಿ ಪಾಲ್ಗೊಳ್ಳಲಿದ್ದಾರೆ. ಸಾರ್ವಜನಿಕರು ಸಮಸ್ಯೆಗಳನ್ನು ಮಂಡಿಸಲು ಅವಕಾಶ ಕಲ್ಪಿಸಲಾಗಿದೆ ಎಂದು ಅಧಿಕಾರಿಗಳು ತಿಳಿಸಿದರು.

ಚಿಕ್ಕನಾಯಕನಹಳ್ಳಿ ತಾಲೂಕಿನಲ್ಲಿ ಈ ವರ್ಷವೂ ಬಂಪರ್ ರಾಗಿ ಇಳುವರಿ ನಿರೀಕ್ಷೆ

ತುಮಕೂರು: ಈ ವರ್ಷ ಉತ್ತಮ ಮಳೆಯಾಗಿರುವುದರಿಂದ ತಾಲೂಕಿನಲ್ಲಿ ರಾಗಿ ಬೆಳೆ ಸಮೃದ್ಧವಾಗಿ ಬೆಳೆದಿದೆ. ರೈತರು ಬಂಪರ್ ಇಳುವರಿ ನಿರೀಕ್ಷೆಯಲ್ಲಿದ್ದಾರೆ. ಕಳೆದ ವರ್ಷಕ್ಕೆ ಹೋಲಿಸಿದರೆ ಈ ಬಾರಿ ಹೆಚ್ಚಿನ ಪ್ರದೇಶದಲ್ಲಿ ರಾಗಿ ಬಿತ್ತನೆಯಾಗಿದೆ. ಸಮಯಕ್ಕೆ ಸರಿಯಾಗಿ ಮಳೆ ಬಂದಿರುವುದರಿಂದ ಬೆಳೆ ಉತ್ತಮವಾಗಿದೆ ಎಂದು ಕೃಷಿ ಇಲಾಖೆ ಅಧಿಕಾರಿಗಳು ತಿಳಿಸಿದ್ದಾರೆ. ತಾಲೂಕಿನಲ್ಲಿ ಸುಮಾರು 8 ಸಾವಿರ ಹೆಕ್ಟೇರ್ ಪ್ರದೇಶದಲ್ಲಿ ರಾಗಿ ಬೆಳೆಯಲಾಗಿದೆ.

ಅಡ್ಡ ಹೊಡೆಯುವ ಕಾಲ ಸಮೀಪಿಸುತ್ತಿದೆ. ರೈತರು ಕಟಾವಿಗೆ ಸಿದ್ಧತೆ ನಡೆಸುತ್ತಿದ್ದಾರೆ. ಯಂತ್ರೋಪಕರಣಗಳ ಬಳಕೆಯಿಂದ ಕಟಾವು ಸುಲಭವಾಗಿದೆ. ಪ್ರತಿ ಎಕರೆಗೆ 8 ರಿಂದ 10 ಕ್ವಿಂಟಾಲ್ ಇಳುವರಿ ನಿರೀಕ್ಷಿಸಲಾಗಿದೆ.

ಚಿಕ್ಕನಾಯಕನಹಳ್ಳಿ ತಾಲೂಕಿನಲ್ಲಿ ಸಮೃದ್ಧವಾಗಿ ಬೆಳೆದು ನಿಂತಿರುವ ರಾಗಿ ಬೆಳೆ.

ವರ್ಷ ರೈತರು ಸಿಲೋಗೆ, ತಾಲೂಕಿನಲ್ಲಿ ಕಳೆದ ವರ್ಷಕ್ಕಿಂತ ಈ ವರ್ಷವೂ ಉತ್ತಮ ಮಳೆಯಾಗಿದೆ. ಕೆರೆ ಕಟ್ಟೆಗಳು ಭರ್ತಿಯಾಗಿವೆ. ಅಂತರ್ಜಲ ಮಟ್ಟ ಹೆಚ್ಚಾಗಿದೆ. ರಾಗಿಯೊಂದಿಗೆ ತೊಗರಿ, ಅವರೆ, ಹುರುಳಿ ಬೆಳೆಗಳನ್ನೂ ಮಿಶ್ರ ಬೆಳೆಯಾಗಿ ಬೆಳೆಯಲಾಗಿದೆ. ಇದರಿಂದ ರೈತರಿಗೆ ಹೆಚ್ಚಿನ ಆದಾಯ ಸಿಗುವ ನಿರೀಕ್ಷೆ ಇದೆ.

ಬೆಂಬಲ ಬೆಲೆ ಯೋಜನೆಯಡಿ ರಾಗಿ ಖರೀದಿ ಕೇಂದ್ರ ತೆರೆಯಬೇಕು ಎಂದು ರೈತರು ಒತ್ತಾಯಿಸಿದ್ದಾರೆ. ಕಳೆದ ವರ್ಷ ಖರೀದಿ ಕೇಂದ್ರದಲ್ಲಿ ವಿಳಂಬವಾಗಿತ್ತು.

ಅಡ್ಡ ಎಪಿಎಂಸಿಯಲ್ಲಿ ರಾಗಿ ಖರೀದಿ ಕೇಂದ್ರವನ್ನು ಆರಂಭಿಸಲು ಕ್ರಮ ಕೈಗೊಳ್ಳಲಾಗಿದೆ. ರೈತರು ಎಫ್‌ಐಡಿ ನೋಂದಣಿ ಮಾಡಿಸಿಕೊಳ್ಳಬೇಕು. ಬೆಂಬಲ ಬೆಲೆ ಕ್ವಿಂಟಾಲ್‌ಗೆ ರೂ.4290 ನಿಗದಿಯಾಗಿದೆ. ಗುಣಮಟ್ಟದ ರಾಗಿಯನ್ನು ಮಾತ್ರ ಖರೀದಿಸಲಾಗುವುದು ಎಂದು ಅಧಿಕಾರಿಗಳು ತಿಳಿಸಿದ್ದಾರೆ. ಕೃಷಿ ಇಲಾಖೆ ಅಧಿಕಾರಿಗಳು ಜಮೀನಿಗೆ ಭೇಟಿ ನೀಡಿ ಬೆಳೆ ಸಮೀಕ್ಷೆ ನಡೆಸಿದರು. ರೈತರಿಗೆ ಅಗತ್ಯ ಸಲಹೆ ನೀಡಲಾಯಿತು.

ಮಹಿಳೆಯರ ಸಬಲೀಕರಣ ಮಾಡಲೇಬೇಕು ನಿರ್ಧರಿಸಿ ಸರ್ಕಾರರವು ಇಟ್ಟಿರುವ ದಿಟ್ಟ ಹೆಜ್ಜೆಗೆ ಸಂಜೀವಿನಿ ಒಕ್ಕೂಟಗಳೇ ಸಾಕ್ಷಿ
ಕೋಲಾರದಲ್ಲಿ ನಡೆದ ಸಂಜೀವಿನಿ ಒಕ್ಕೂಟದ ಮಹಿಳಾ ಸದಸ್ಯರ ಸಮಾವೇಶದಲ್ಲಿ ಭಾಗವಹಿಸಿದ ಮಹಿಳೆಯರು.

ಕೋಲಾರ: ಕೇಂದ್ರ ಮತ್ತು ರಾಜ್ಯ ಸರ್ಕಾರಗಳು ಮಹಿಳೆಯರ ಸಬಲೀಕರಣಕ್ಕೆ ಹಲವು ಯೋಜನೆಗಳನ್ನು ಜಾರಿಗೆ ತಂದಿವೆ. ಸಂಜೀವಿನಿ ಸ್ವಸಹಾಯ ಸಂಘಗಳ ಮೂಲಕ ಗ್ರಾಮೀಣ ಮಹಿಳೆಯರು ಆರ್ಥಿಕವಾಗಿ ಸ್ವಾವಲಂಬಿಗಳಾಗುತ್ತಿದ್ದಾರೆ. ಸಂಘಗಳಿಗೆ ಬ್ಯಾಂಕ್ ಸಾಲ ಸೌಲಭ್ಯ ಕಲ್ಪಿಸಲಾಗಿದೆ.

ಎಲ್ಲರೂ ಸಬಲೀಕರಣ ಹೊಂದಿದ ನಂತರವೇ ಸಮಾಜದ ಅಭಿವೃದ್ಧಿ ಸಾಧ್ಯ ಎಂದು ಹೇಳಿದರು. ಮಹಿಳಾ ಸಂಘಗಳ ಸದಸ್ಯರಿಗೆ ಕೌಶಲ ತರಬೇತಿ ನೀಡಲಾಗುತ್ತಿದೆ. ಗುಡಿ ಕೈಗಾರಿಕೆ, ಹೊಲಿಗೆ, ಆಹಾರ ಸಂಸ್ಕರಣೆ ಮುಂತಾದ ಉದ್ಯಮಗಳಲ್ಲಿ ಮಹಿಳೆಯರು ತೊಡಗಿಸಿಕೊಂಡಿದ್ದಾರೆ.

ಒಕ್ಕೂಟಗಳ ಮೂಲಕ ಉತ್ಪನ್ನಗಳಿಗೆ ಮಾರುಕಟ್ಟೆ ಸೌಲಭ್ಯ ಒದಗಿಸಲಾಗುತ್ತಿದೆ. ಜಿಲ್ಲೆಯಲ್ಲಿ ಸಾವಿರಾರು ಮಹಿಳಾ ಸಂಘಗಳು ಕಾರ್ಯನಿರ್ವಹಿಸುತ್ತಿವೆ. ಸಂಘಗಳ ಉಳಿತಾಯ ಹೆಚ್ಚಾಗಿದೆ. ಮಹಿಳೆಯರು ನಾಯಕತ್ವ ಗುಣ ಬೆಳೆಸಿಕೊಂಡಿದ್ದಾರೆ.

ಪ್ರತಿಯೊಬ್ಬ ಮಹಿಳೆಯೂ ಆರ್ಥಿಕವಾಗಿ ಸ್ವಾವಲಂಬಿಯಾಗಬೇಕು ಎಂದು ಕರೆ ನೀಡಿದರು. ಕಾರ್ಯಕ್ರಮದಲ್ಲಿ ಜಿಲ್ಲಾ ಪಂಚಾಯತ್ ಅಧಿಕಾರಿಗಳು, ಸಂಜೀವಿನಿ ಒಕ್ಕೂಟದ ಸದಸ್ಯರು ಭಾಗವಹಿಸಿದ್ದರು. ಯಶಸ್ವಿ ಸಾಧಕ ಮಹಿಳೆಯರನ್ನು ಸನ್ಮಾನಿಸಲಾಯಿತು.
